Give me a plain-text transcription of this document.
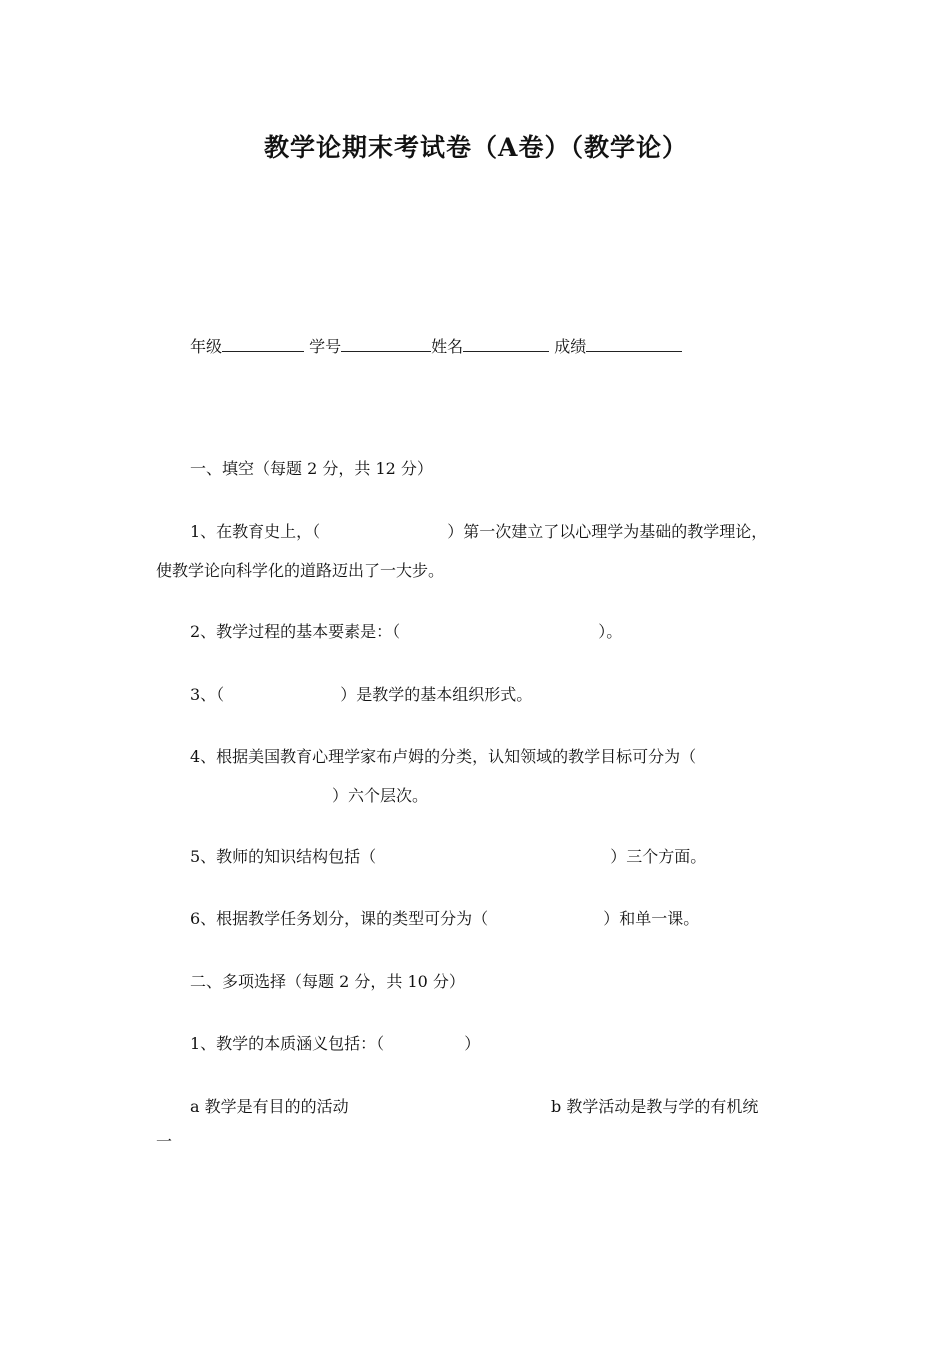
教学论期末考试卷（A卷）（教学论）
年级	学号	姓名	成绩
一、填空（每题 2 分，共 12 分）
1、在教育史上，（	）第一次建立了以心理学为基础的教学理论，
使教学论向科学化的道路迈出了一大步。
2、教学过程的基本要素是：（	）。
3、（	）是教学的基本组织形式。
4、根据美国教育心理学家布卢姆的分类，认知领域的教学目标可分为（
）六个层次。
5、教师的知识结构包括（	）三个方面。
6、根据教学任务划分，课的类型可分为（	）和单一课。
二、多项选择（每题 2 分，共 10 分）
1、教学的本质涵义包括：（	）
a 教学是有目的的活动	b 教学活动是教与学的有机统
一
